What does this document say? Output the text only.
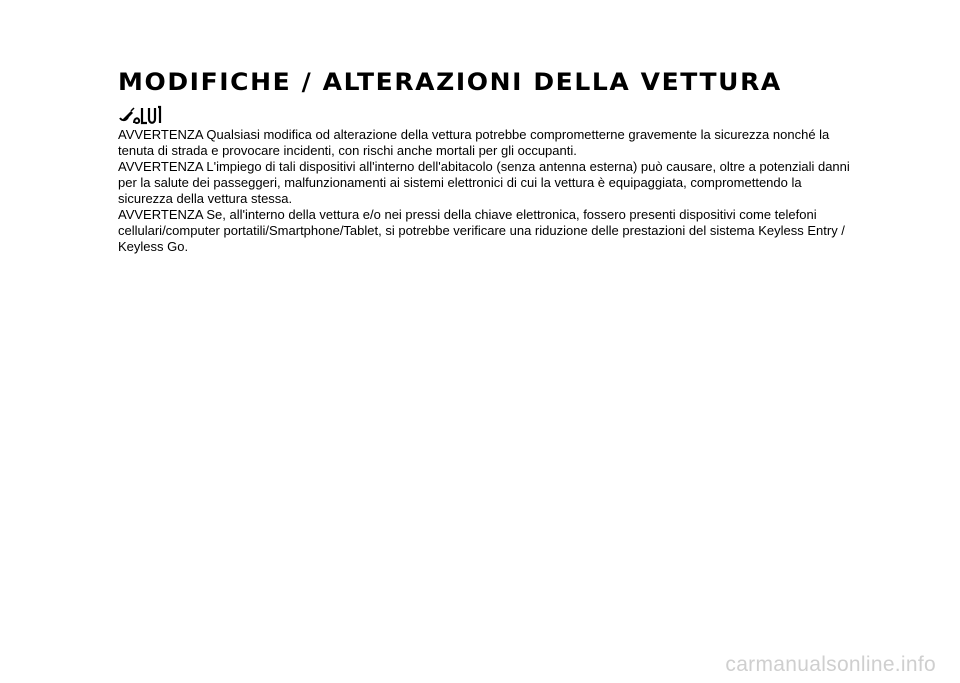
MODIFICHE / ALTERAZIONI DELLA VETTURA

AVVERTENZA Qualsiasi modifica od alterazione della vettura potrebbe comprometterne gravemente la sicurezza nonché la tenuta di strada e provocare incidenti, con rischi anche mortali per gli occupanti.

AVVERTENZA L'impiego di tali dispositivi all'interno dell'abitacolo (senza antenna esterna) può causare, oltre a potenziali danni per la salute dei passeggeri, malfunzionamenti ai sistemi elettronici di cui la vettura è equipaggiata, compromettendo la sicurezza della vettura stessa.

AVVERTENZA Se, all'interno della vettura e/o nei pressi della chiave elettronica, fossero presenti dispositivi come telefoni cellulari/computer portatili/Smartphone/Tablet, si potrebbe verificare una riduzione delle prestazioni del sistema Keyless Entry / Keyless Go.

carmanualsonline.info
